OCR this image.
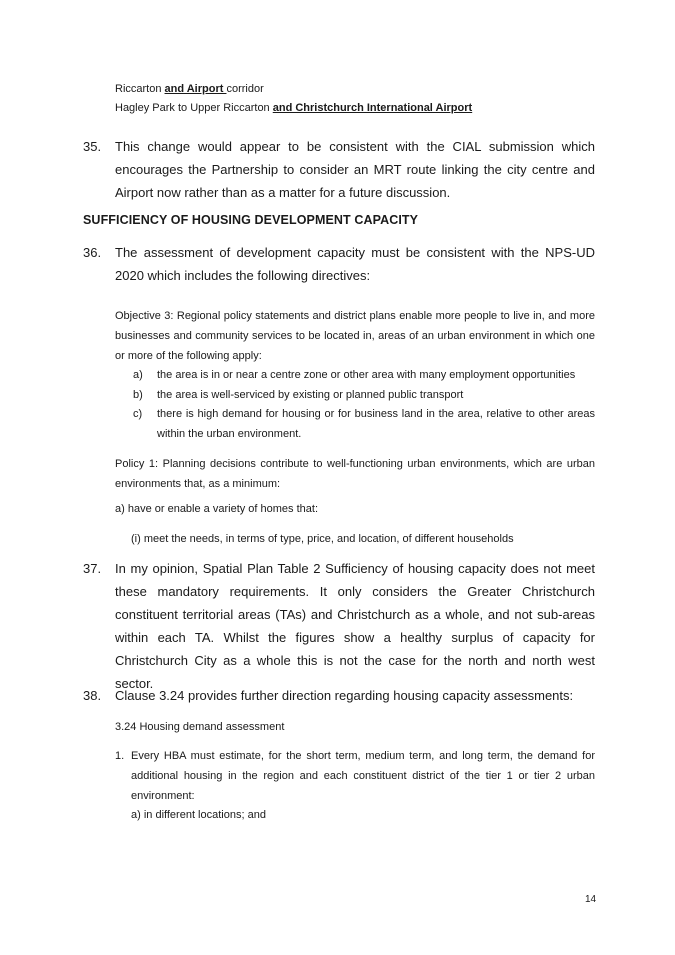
Riccarton and Airport corridor
Hagley Park to Upper Riccarton and Christchurch International Airport
35. This change would appear to be consistent with the CIAL submission which encourages the Partnership to consider an MRT route linking the city centre and Airport now rather than as a matter for a future discussion.
SUFFICIENCY OF HOUSING DEVELOPMENT CAPACITY
36. The assessment of development capacity must be consistent with the NPS-UD 2020 which includes the following directives:
Objective 3: Regional policy statements and district plans enable more people to live in, and more businesses and community services to be located in, areas of an urban environment in which one or more of the following apply:
a) the area is in or near a centre zone or other area with many employment opportunities
b) the area is well-serviced by existing or planned public transport
c) there is high demand for housing or for business land in the area, relative to other areas within the urban environment.
Policy 1: Planning decisions contribute to well-functioning urban environments, which are urban environments that, as a minimum:
a) have or enable a variety of homes that:
(i) meet the needs, in terms of type, price, and location, of different households
37. In my opinion, Spatial Plan Table 2 Sufficiency of housing capacity does not meet these mandatory requirements. It only considers the Greater Christchurch constituent territorial areas (TAs) and Christchurch as a whole, and not sub-areas within each TA. Whilst the figures show a healthy surplus of capacity for Christchurch City as a whole this is not the case for the north and north west sector.
38. Clause 3.24 provides further direction regarding housing capacity assessments:
3.24 Housing demand assessment
1. Every HBA must estimate, for the short term, medium term, and long term, the demand for additional housing in the region and each constituent district of the tier 1 or tier 2 urban environment:
a) in different locations; and
14
